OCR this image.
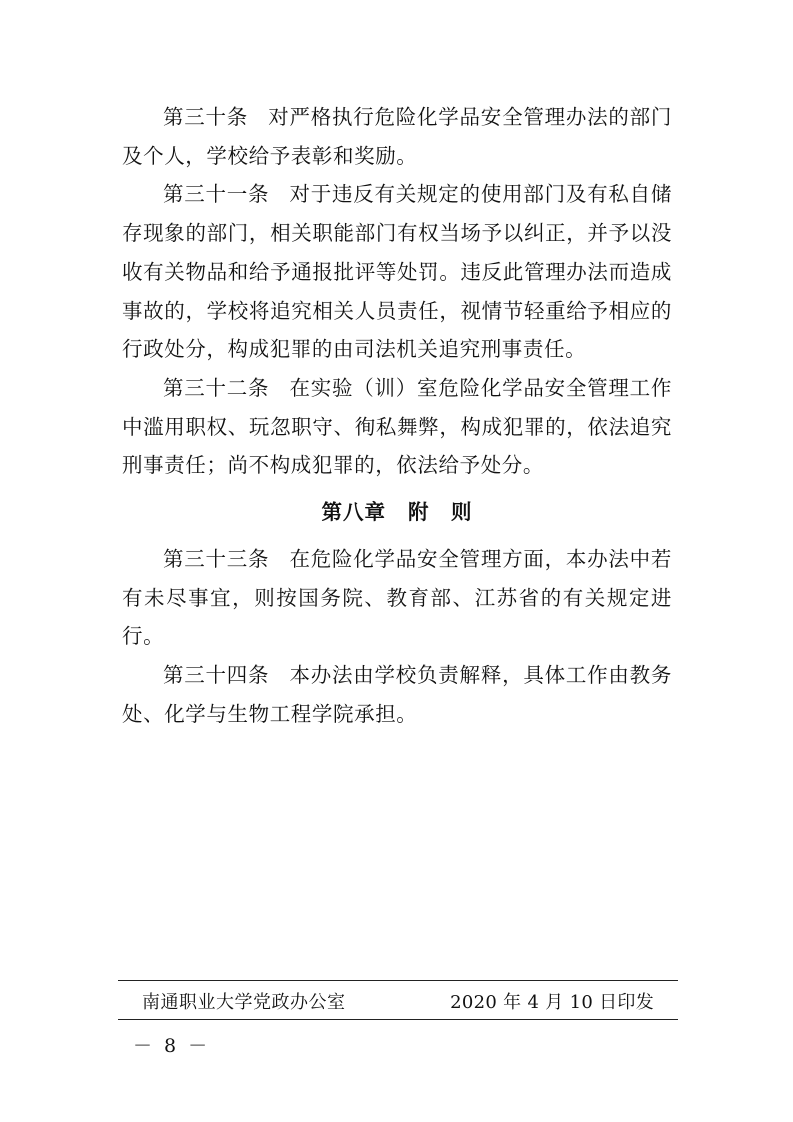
第三十条 对严格执行危险化学品安全管理办法的部门及个人，学校给予表彰和奖励。

第三十一条 对于违反有关规定的使用部门及有私自储存现象的部门，相关职能部门有权当场予以纠正，并予以没收有关物品和给予通报批评等处罚。违反此管理办法而造成事故的，学校将追究相关人员责任，视情节轻重给予相应的行政处分，构成犯罪的由司法机关追究刑事责任。

第三十二条 在实验（训）室危险化学品安全管理工作中滥用职权、玩忽职守、徇私舞弊，构成犯罪的，依法追究刑事责任；尚不构成犯罪的，依法给予处分。

第八章 附　则

第三十三条 在危险化学品安全管理方面，本办法中若有未尽事宜，则按国务院、教育部、江苏省的有关规定进行。

第三十四条 本办法由学校负责解释，具体工作由教务处、化学与生物工程学院承担。

南通职业大学党政办公室	2020 年 4 月 10 日印发
－ 8 －
